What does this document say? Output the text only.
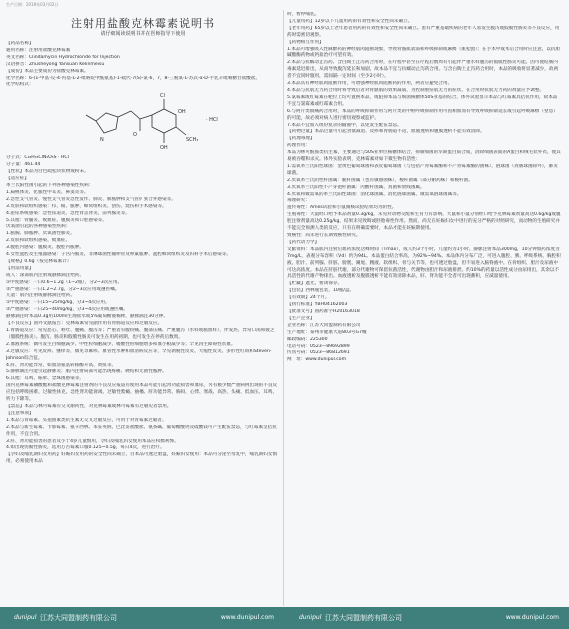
生产日期：2019年03月02日
注射用盐酸克林霉素说明书
请仔细阅读说明书并在医师指导下使用
【药品名称】
通用名称：注射用盐酸克林霉素
英文名称：Clindamycin Hydrochloride for Injection
汉语拼音：Zhusheyong Yansuan Kelinmeisu
【成份】本品主要成份为盐酸克林霉素。
化学名称：6-(1-甲基-反-4-丙基-L-2-吡咯烷甲酰氨基)-1-硫代-7(S)-氯-6，7，8-三脱氧-L-苏式-α-D-半乳辛吡喃糖苷盐酸盐。
化学结构式：
N
O
Cl
SCH₃
OH
OH
· HCl
分子式：C₁₈H₃₃ClN₂O₅S · HCl
分子量：461.44
【性状】本品为白色疏松块状物或粉末。
【适应症】
革兰氏阳性菌引起的下列各种感染性疾病：
1.扁桃体炎、化脓性中耳炎、鼻窦炎等。
2.急性支气管炎、慢性支气管炎急性发作、肺炎、肺脓肿和支气管扩张合并感染等。
3.皮肤和软组织感染：疖、痈、脓肿、蜂窝组织炎、创伤、烧伤和手术感染等。
4.泌尿系统感染：急性尿道炎、急性肾盂肾炎、前列腺炎等。
5.其他：骨髓炎、败血症、腹膜炎和口腔感染等。
厌氧菌引起的各种感染性疾病：
1.脓胸、肺脓肿、厌氧菌性肺炎。
2.皮肤和软组织感染、败血症。
3.腹腔内感染：腹膜炎、腹腔内脓肿。
4.女性盆腔及生殖器感染：子宫内膜炎、非淋球菌性输卵管及卵巢脓肿、盆腔蜂窝组织炎及妇科手术后感染等。
【规格】0.6g（按克林霉素计）
【用法用量】
成人：深部肌内注射或静脉滴注给药。
①中度感染：一日0.6~1.2g（1~2瓶），分2~3次应用。
②严重感染：一日1.2~2.7g，分2~3次应用或遵医嘱。
儿童：肌内注射或静脉滴注给药。
①中度感染：一日15~25mg/kg，分3~4次应用。
②严重感染：一日25~40mg/kg，分3~4次应用或遵医嘱。
静脉滴注时本品0.3g用100ml生理盐水或5%葡萄糖液稀释，静脉滴注30分钟。
【不良反应】国外文献报告：克林霉素常见副作用有胃肠道反应和过敏反应。
1.胃肠道反应：常见恶心、呕吐、腹痛、腹泻等；严重者有腹绞痛、腹部压痛、严重腹泻（水样或脓血样），伴发热、异常口渴和疲乏（假膜性肠炎）。腹泻、肠炎和假膜性肠炎可发生在用药初期，也可发生在停药后数周。
2.血液系统：偶可发生白细胞减少、中性粒细胞减少、嗜酸性粒细胞增多和血小板减少等；罕见再生障碍性贫血。
3.过敏反应：可见皮疹、瘙痒等，偶见荨麻疹、血管性水肿和血清病反应等，罕见剥脱性皮炎、大疱性皮炎、多形性红斑和Steven-Johnson综合征。
4.肝、肾功能异常，如血清氨基转移酶升高、黄疸等。
5.静脉滴注可能引起静脉炎；肌内注射局部可能出现疼痛、硬结和无菌性脓肿。
6.其他：耳鸣、眩晕、念珠菌感染等。
国内克林霉素磷酸酯和盐酸克林霉素注射剂的不良反应报道有使用本品可能引起肾功能损害和血尿，另有极少数严重病例出现的不良反应包括呼吸困难、过敏性休克、急性肾功能衰竭、过敏性紫癜、抽搐、肝功能异常、胸闷、心悸、寒战、高热、头痛、低血压、耳鸣、听力下降等。
【禁忌】本品与林可霉素有交叉耐药性，对克林霉素或林可霉素有过敏史者禁用。
【注意事项】
1.本品与青霉素、头孢菌素类抗生素无交叉过敏反应，可用于对青霉素过敏者。
2.本品与新生霉素、卡那霉素、氨苄西林、苯妥英钠、巴比妥盐酸盐、氨茶碱、葡萄糖酸钙及硫酸镁可产生配伍禁忌，与红霉素呈拮抗作用，不宜合用。
3.肝、肾功能损害的患者及小于4岁儿童慎用，孕妇及哺乳妇女使用本品应权衡利弊。
4.如出现伪膜性肠炎，选用万古霉素口服0.125~0.5g，每日4次，进行治疗。
【孕妇及哺乳期妇女用药】妊娠妇女用药的安全性尚未确立，目本品可透过胎盘，妊娠妇女使用：本品可分泌至母乳中，哺乳期妇女慎用，必须使用本品
时，暂停哺乳。
【儿童用药】12岁以下儿童用药的有效性和安全性尚未确立。
【老年用药】65岁以上老年患者用药的有效性和安全性尚未确立。患有严重基础疾病的老年人易发生腹泻或假膜性肠炎等不良反应，用药时需密切观察。
【药物相互作用】
1.本品可增强吸入性麻醉药的神经肌肉阻断现象，导致骨骼肌软弱和呼吸抑制或麻痹（肌松弛）；在手术中或术后合用时应注意，以抗胆碱酯酶药物或钙盐治疗可望有效。
2.本品与抗蠕动止泻药、含白陶土止泻药合用时，在疗程中甚至在疗程后数周有引起伴严重水样腹泻的假膜性肠炎可能。因可使结肠内毒素延迟排出，从而导致腹泻延长和加剧，故本品不宜与抗蠕动止泻药合用。与含白陶土止泻药合用时，本品的吸收将显著减少，故两者不宜同时服用，需间隔一定时间（至少2小时）。
3.本品具有神经肌肉阻断作用，可增强神经肌肉阻断药的作用，两者应避免合用。
4.本品与抗肌无力药合用时将导致后者对骨骼肌的效果减弱，为控制重症肌无力的症状，在合用时抗肌无力药的剂量应予调整。
5.氯霉素或红霉素在靶位上均可置换本品，或阻抑本品与细菌核糖体50S亚基的结合，体外试验显示本品与红霉素具拮抗作用，故本品不宜与氯霉素或红霉素合用。
6.与阿片类镇痛药合用时，本品的呼吸抑制作用与阿片类的中枢呼吸抑制作用可因相加而有导致呼吸抑制延长或引起呼吸麻痹（窒息）的可能，故必须对病人进行密切观察或监护。
7.本品不宜加入组份复杂的输液中，以免发生配伍禁忌。
【药物过量】本品过量可引起食欲减退、皮疹和胃肠道不适，血液透析和腹膜透析不能有效清除。
【药理毒理】
药理作用：
本品为林可酰胺类抗生素，主要通过与50S亚单位核糖体结合，抑制细菌的早期蛋白质合成，清除细菌表面的A蛋白和绒毛状外衣，使其易被吞噬和杀灭。体外实验表明，克林霉素对如下微生物有活性：
1.需氧革兰氏阳性球菌：金黄色葡萄球菌和表皮葡萄球菌（与包括产青霉素酶和不产青霉素酶的菌株），链球菌（粪肠球菌除外），肺炎球菌。
2.厌氧革兰氏阴性杆菌属：脆杆菌属（也有敏感菌株），梭杆菌属（部分耐药株）和梭杆菌。
3.厌氧革兰氏阳性不产芽孢杆菌属：丙酸杆菌属、真菌和放线菌属。
4.厌氧和微需氧的革兰氏阳性球菌：消化球菌属、消化链球菌属、微需氧链球菌属等。
毒理研究：
遗传毒性：Ames试验和小鼠微核试验结果均为阴性。
生殖毒性：大鼠经口给予本品剂量0.3g/kg，未见对动物交配和生育力有影响。大鼠和小鼠分别经口给予克林霉素剂量高达0.6g/kg或腹腔注射剂量高达0.25g/kg，结果未见致畸或胚胎毒性作用。然而，尚无在妊娠妇女中进行的充分严格的对照研究，而动物的生殖研究并不能完全预测人类的反应，只有在明确需要时，本品才能在妊娠期使用。
致癌性：尚未进行长期致癌性研究。
【药代动力学】
文献资料：本品肌内注射后血药浓度达峰时间（Tmax），成人约3个小时，儿童约为1小时。静脉注射本品300mg，10分钟血药浓度为7mg/L，表观分布容积（Vd）约为94L。本品蛋白结合率高，为92%~94%。本品体内分布广泛，可进入腹腔、胰、呼吸系统、胸腔积液、胆汁、前列腺、肝脏、膀胱、阑尾、精液、软组织、骨与关节等，也可透过胎盘，但不易进入脑脊液中。在骨组织、胆汁及尿液中可达高浓度。本品在肝脏代谢，部分代谢物可保留抗菌活性，代谢物由胆汁和尿液排泄。约10%的药量以活性成分由尿排出，其余以不具活性的代谢产物排出。血液透析及腹膜透析不能有效清除本品，肝、肾功能不全者可出现蓄积，应减量使用。
【贮藏】遮光，密闭保存。
【包装】西林瓶包装，10瓶/盒。
【有效期】24个月。
【执行标准】YBH04162003
【批准文号】国药准字H20163018
【生产企业】
企业名称：江苏大同盟制药有限公司
生产地址：泰州市健康大道803号G7幢
邮政编码：225300
电话号码：0523—89692899
传真号码：0523—86812691
网　址：www.dunipul.com
dunipul 江苏大同盟制药有限公司	www.dunipul.com	dunipul 江苏大同盟制药有限公司	www.dunipul.com
